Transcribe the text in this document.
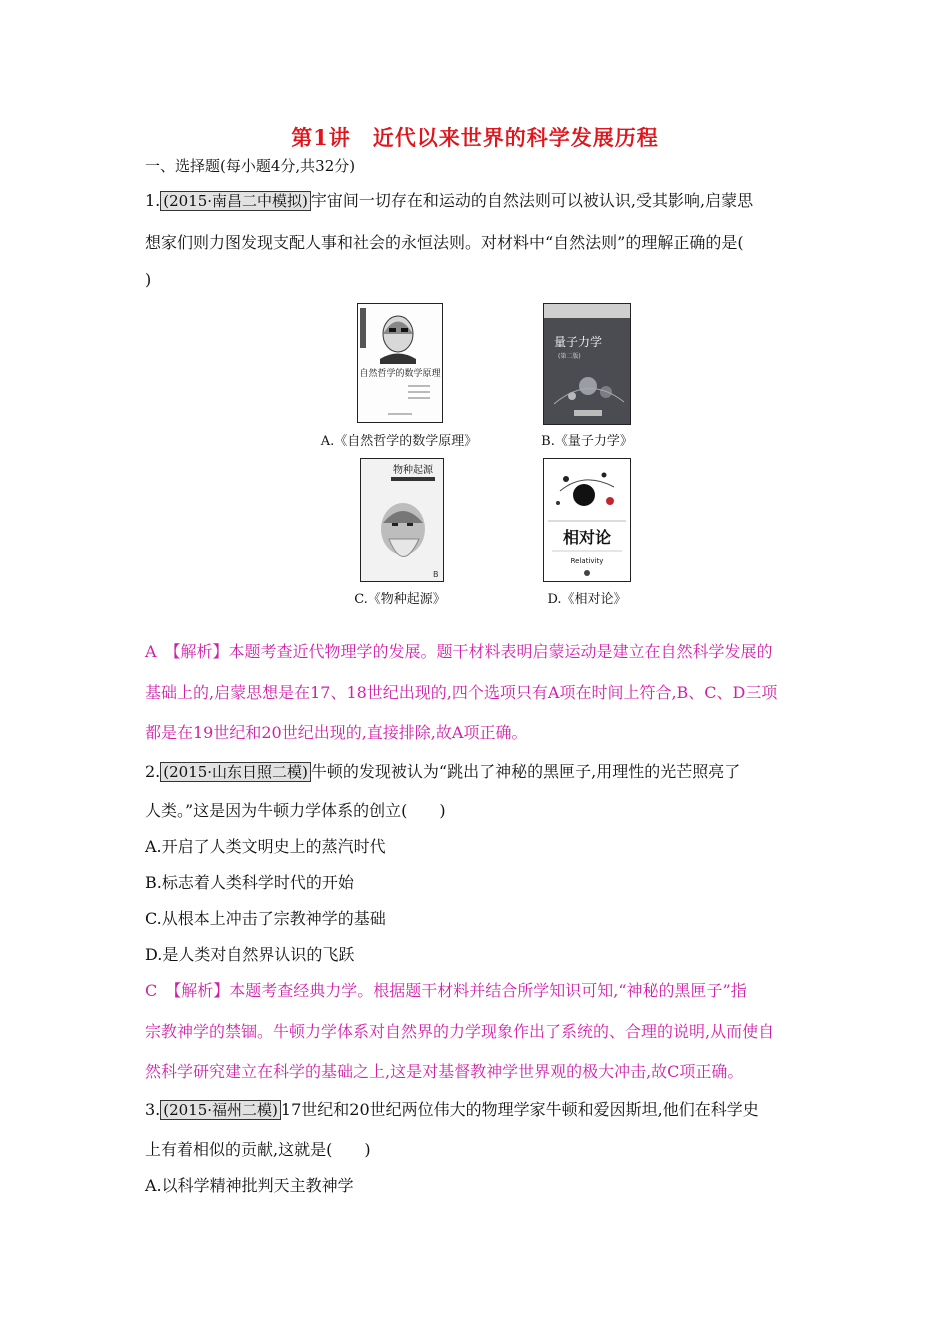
第1讲　近代以来世界的科学发展历程
一、选择题(每小题4分,共32分)
1. (2015·南昌二中模拟) 宇宙间一切存在和运动的自然法则可以被认识,受其影响,启蒙思
想家们则力图发现支配人事和社会的永恒法则。对材料中“自然法则”的理解正确的是(
)
自然哲学的数学原理
A.《自然哲学的数学原理》
量子力学
(第二版)
B.《量子力学》
物种起源
B
C.《物种起源》
相对论
Relativity
D.《相对论》
A　【解析】本题考查近代物理学的发展。题干材料表明启蒙运动是建立在自然科学发展的
基础上的,启蒙思想是在17、18世纪出现的,四个选项只有A项在时间上符合,B、C、D三项
都是在19世纪和20世纪出现的,直接排除,故A项正确。
2. (2015·山东日照二模) 牛顿的发现被认为“跳出了神秘的黑匣子,用理性的光芒照亮了
人类。”这是因为牛顿力学体系的创立(　　)
A.开启了人类文明史上的蒸汽时代
B.标志着人类科学时代的开始
C.从根本上冲击了宗教神学的基础
D.是人类对自然界认识的飞跃
C　【解析】本题考查经典力学。根据题干材料并结合所学知识可知,“神秘的黑匣子”指
宗教神学的禁锢。牛顿力学体系对自然界的力学现象作出了系统的、合理的说明,从而使自
然科学研究建立在科学的基础之上,这是对基督教神学世界观的极大冲击,故C项正确。
3. (2015·福州二模) 17世纪和20世纪两位伟大的物理学家牛顿和爱因斯坦,他们在科学史
上有着相似的贡献,这就是(　　)
A.以科学精神批判天主教神学
